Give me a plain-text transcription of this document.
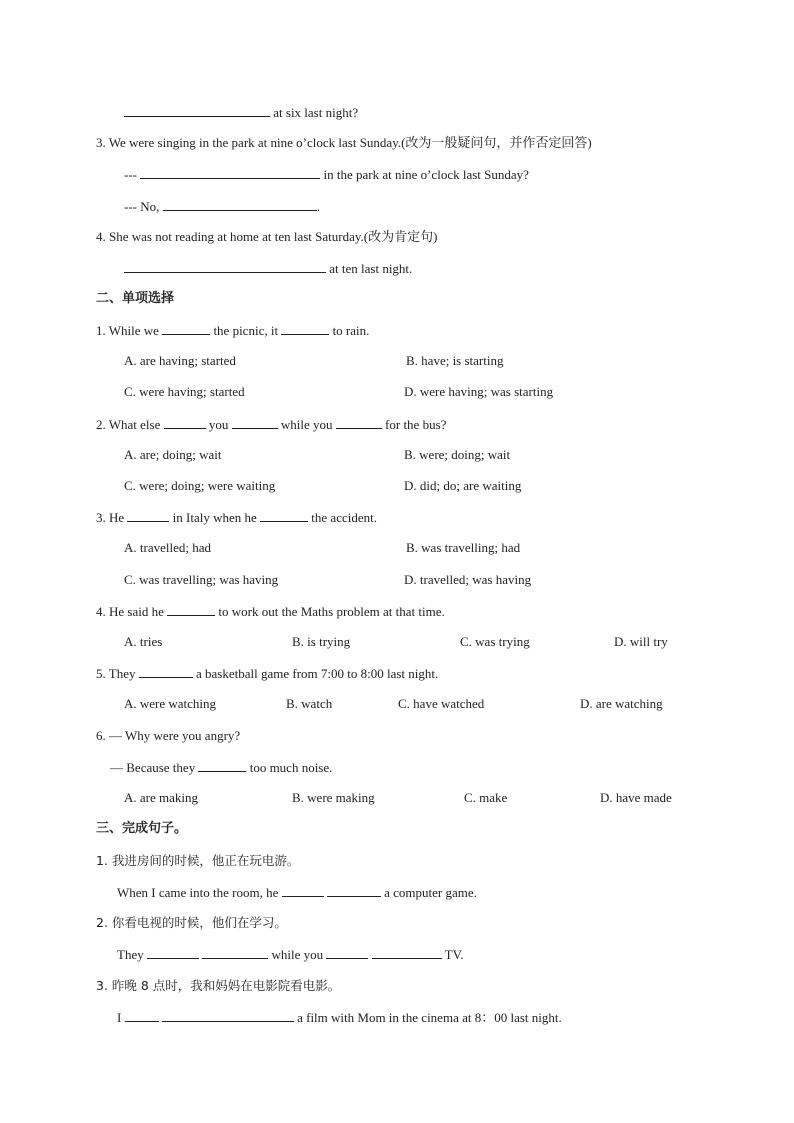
at six last night?
3. We were singing in the park at nine o’clock last Sunday.(改为一般疑问句，并作否定回答)
---	in the park at nine o’clock last Sunday?
--- No,	.
4. She was not reading at home at ten last Saturday.(改为肯定句)
at ten last night.
二、单项选择
1. While we	the picnic, it	to rain.
A. are having; started	B. have; is starting
C. were having; started	D. were having; was starting
2. What else	you	while you	for the bus?
A. are; doing; wait	B. were; doing; wait
C. were; doing; were waiting	D. did; do; are waiting
3. He	in Italy when he	the accident.
A. travelled; had	B. was travelling; had
C. was travelling; was having	D. travelled; was having
4. He said he	to work out the Maths problem at that time.
A. tries	B. is trying	C. was trying	D. will try
5. They	a basketball game from 7:00 to 8:00 last night.
A. were watching	B. watch	C. have watched	D. are watching
6. — Why were you angry?
— Because they	too much noise.
A. are making	B. were making	C. make	D. have made
三、完成句子。
1. 我进房间的时候，他正在玩电游。
When I came into the room, he	a computer game.
2. 你看电视的时候，他们在学习。
They	while you	TV.
3. 昨晚 8 点时，我和妈妈在电影院看电影。
I	a film with Mom in the cinema at 8：00 last night.
